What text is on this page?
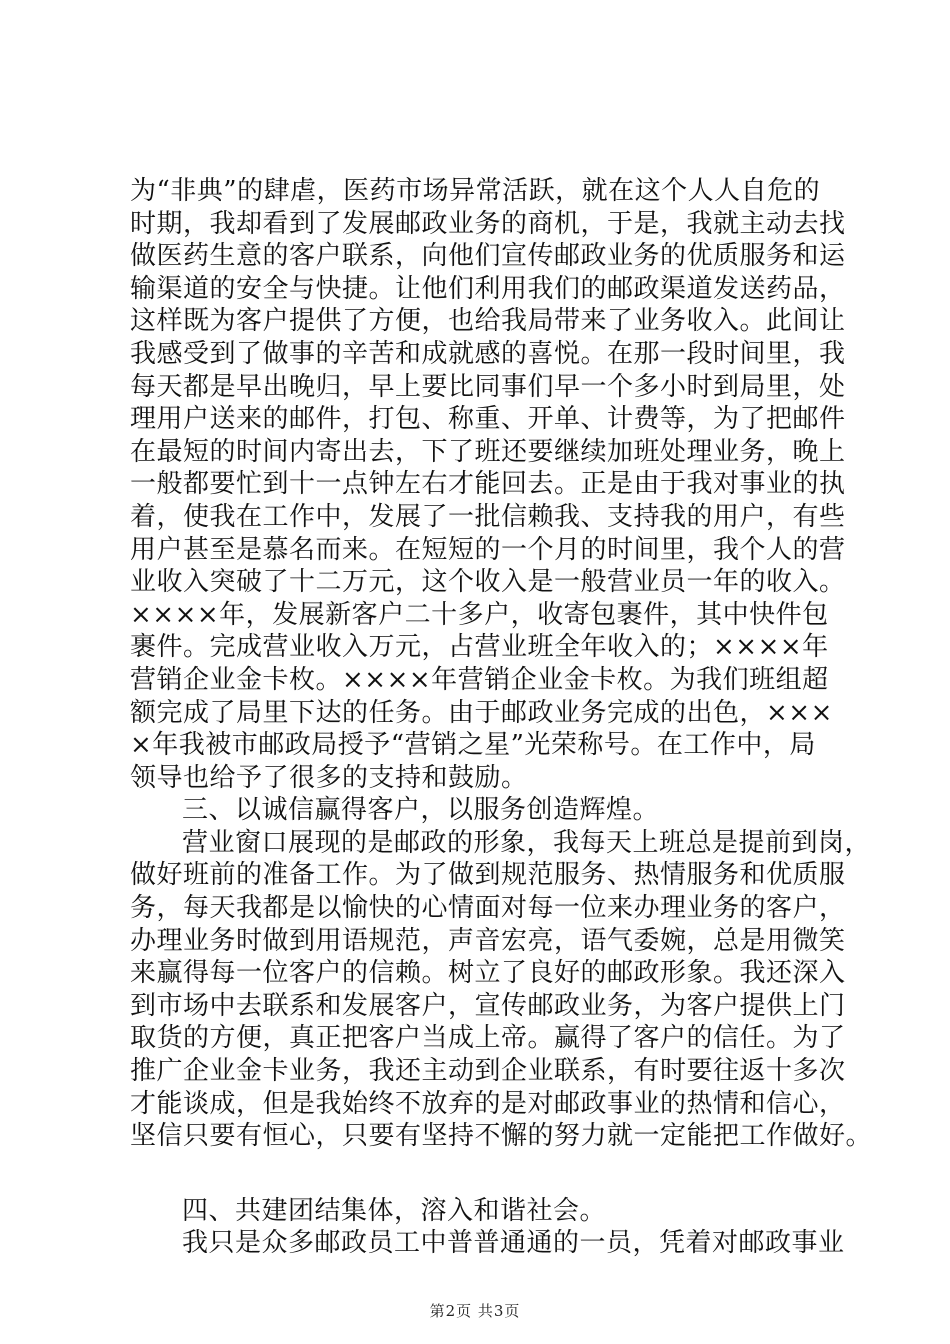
为“非典”的肆虐，医药市场异常活跃，就在这个人人自危的
时期，我却看到了发展邮政业务的商机，于是，我就主动去找
做医药生意的客户联系，向他们宣传邮政业务的优质服务和运
输渠道的安全与快捷。让他们利用我们的邮政渠道发送药品，
这样既为客户提供了方便，也给我局带来了业务收入。此间让
我感受到了做事的辛苦和成就感的喜悦。在那一段时间里，我
每天都是早出晚归，早上要比同事们早一个多小时到局里，处
理用户送来的邮件，打包、称重、开单、计费等，为了把邮件
在最短的时间内寄出去，下了班还要继续加班处理业务，晚上
一般都要忙到十一点钟左右才能回去。正是由于我对事业的执
着，使我在工作中，发展了一批信赖我、支持我的用户，有些
用户甚至是慕名而来。在短短的一个月的时间里，我个人的营
业收入突破了十二万元，这个收入是一般营业员一年的收入。
××××年，发展新客户二十多户，收寄包裹件，其中快件包
裹件。完成营业收入万元，占营业班全年收入的；××××年
营销企业金卡枚。××××年营销企业金卡枚。为我们班组超
额完成了局里下达的任务。由于邮政业务完成的出色，×××
×年我被市邮政局授予“营销之星”光荣称号。在工作中，局
领导也给予了很多的支持和鼓励。
三、以诚信赢得客户，以服务创造辉煌。
营业窗口展现的是邮政的形象，我每天上班总是提前到岗，
做好班前的准备工作。为了做到规范服务、热情服务和优质服
务，每天我都是以愉快的心情面对每一位来办理业务的客户，
办理业务时做到用语规范，声音宏亮，语气委婉，总是用微笑
来赢得每一位客户的信赖。树立了良好的邮政形象。我还深入
到市场中去联系和发展客户，宣传邮政业务，为客户提供上门
取货的方便，真正把客户当成上帝。赢得了客户的信任。为了
推广企业金卡业务，我还主动到企业联系，有时要往返十多次
才能谈成，但是我始终不放弃的是对邮政事业的热情和信心，
坚信只要有恒心，只要有坚持不懈的努力就一定能把工作做好。
四、共建团结集体，溶入和谐社会。
我只是众多邮政员工中普普通通的一员，凭着对邮政事业
第2页 共3页
